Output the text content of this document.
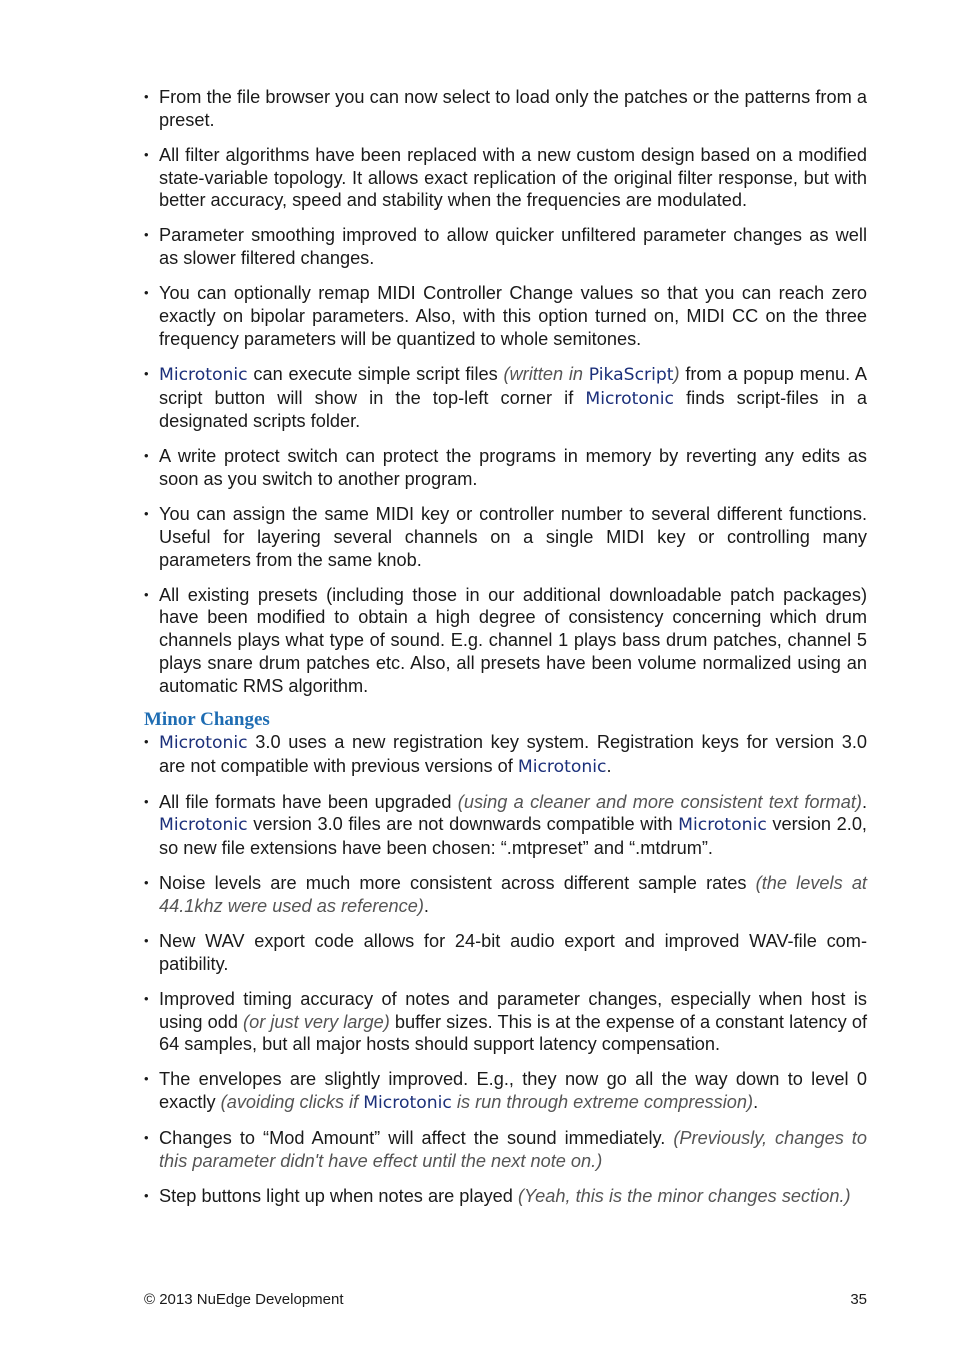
• From the file browser you can now select to load only the patches or the patterns from a preset.
• All filter algorithms have been replaced with a new custom design based on a modified state-variable topology. It allows exact replication of the original filter response, but with better accuracy, speed and stability when the frequencies are modulated.
• Parameter smoothing improved to allow quicker unfiltered parameter changes as well as slower filtered changes.
• You can optionally remap MIDI Controller Change values so that you can reach zero exactly on bipolar parameters. Also, with this option turned on, MIDI CC on the three frequency parameters will be quantized to whole semitones.
• Microtonic can execute simple script files (written in PikaScript) from a popup menu. A script button will show in the top-left corner if Microtonic finds script-files in a designated scripts folder.
• A write protect switch can protect the programs in memory by reverting any edits as soon as you switch to another program.
• You can assign the same MIDI key or controller number to several different functions. Useful for layering several channels on a single MIDI key or controlling many parameters from the same knob.
• All existing presets (including those in our additional downloadable patch packages) have been modified to obtain a high degree of consistency concerning which drum channels plays what type of sound. E.g. channel 1 plays bass drum patches, channel 5 plays snare drum patches etc. Also, all presets have been volume normalized using an automatic RMS algorithm.
Minor Changes
• Microtonic 3.0 uses a new registration key system. Registration keys for version 3.0 are not compatible with previous versions of Microtonic.
• All file formats have been upgraded (using a cleaner and more consistent text format). Microtonic version 3.0 files are not downwards compatible with Microtonic version 2.0, so new file extensions have been chosen: “.mtpreset” and “.mtdrum”.
• Noise levels are much more consistent across different sample rates (the levels at 44.1khz were used as reference).
• New WAV export code allows for 24-bit audio export and improved WAV-file compatibility.
• Improved timing accuracy of notes and parameter changes, especially when host is using odd (or just very large) buffer sizes. This is at the expense of a constant latency of 64 samples, but all major hosts should support latency compensation.
• The envelopes are slightly improved. E.g., they now go all the way down to level 0 exactly (avoiding clicks if Microtonic is run through extreme compression).
• Changes to “Mod Amount” will affect the sound immediately. (Previously, changes to this parameter didn't have effect until the next note on.)
• Step buttons light up when notes are played (Yeah, this is the minor changes section.)
© 2013 NuEdge Development	35
